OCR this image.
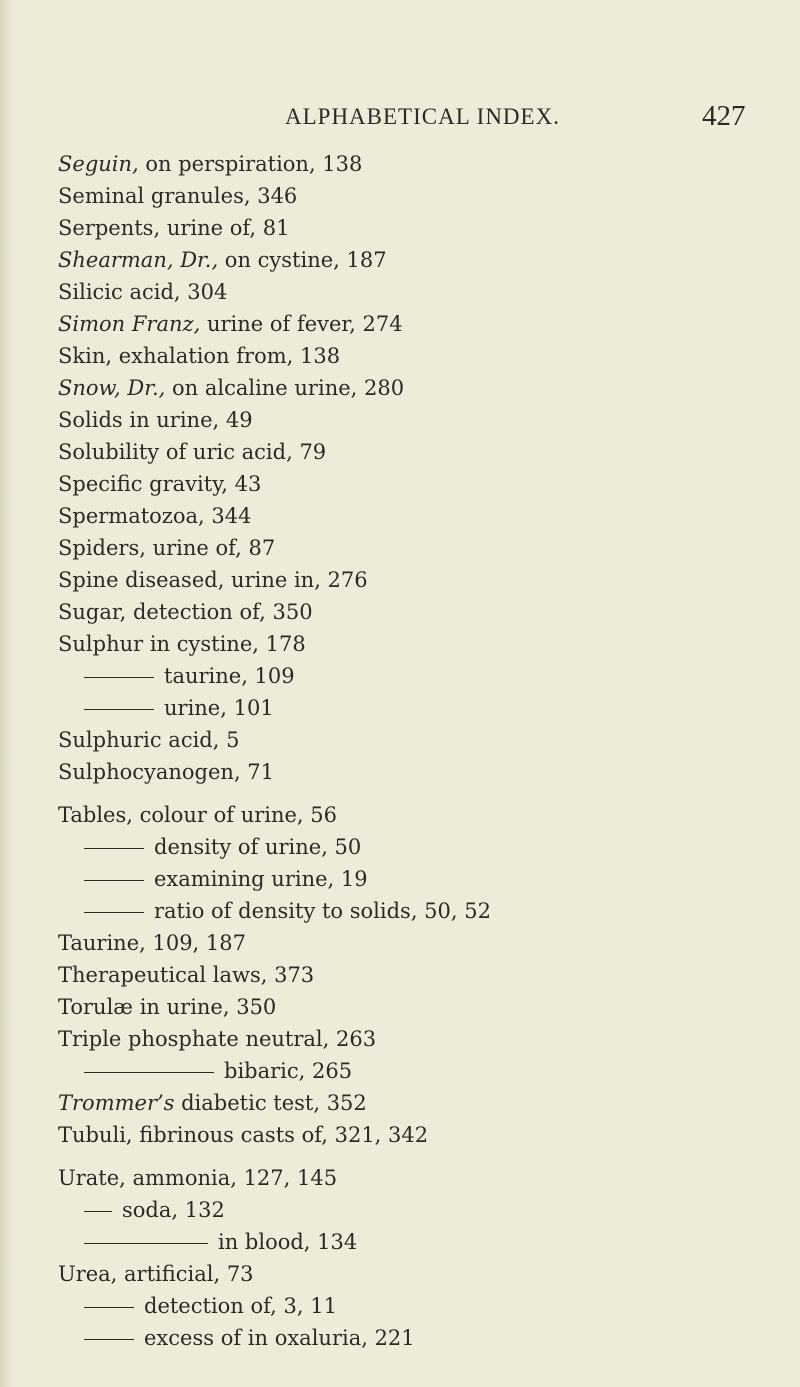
ALPHABETICAL INDEX.	427
Seguin, on perspiration, 138
Seminal granules, 346
Serpents, urine of, 81
Shearman, Dr., on cystine, 187
Silicic acid, 304
Simon Franz, urine of fever, 274
Skin, exhalation from, 138
Snow, Dr., on alcaline urine, 280
Solids in urine, 49
Solubility of uric acid, 79
Specific gravity, 43
Spermatozoa, 344
Spiders, urine of, 87
Spine diseased, urine in, 276
Sugar, detection of, 350
Sulphur in cystine, 178
taurine, 109
urine, 101
Sulphuric acid, 5
Sulphocyanogen, 71
Tables, colour of urine, 56
density of urine, 50
examining urine, 19
ratio of density to solids, 50, 52
Taurine, 109, 187
Therapeutical laws, 373
Torulæ in urine, 350
Triple phosphate neutral, 263
bibaric, 265
Trommer’s diabetic test, 352
Tubuli, fibrinous casts of, 321, 342
Urate, ammonia, 127, 145
soda, 132
in blood, 134
Urea, artificial, 73
detection of, 3, 11
excess of in oxaluria, 221
